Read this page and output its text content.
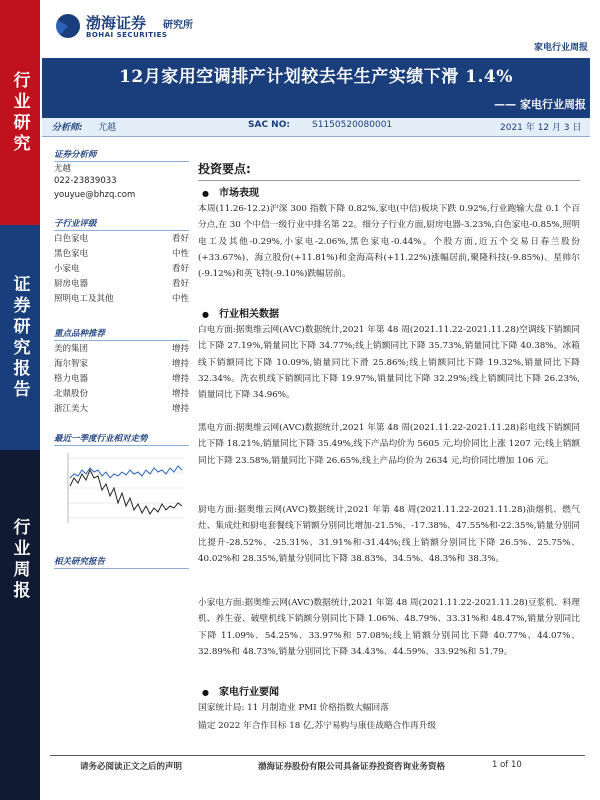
行业研究
证券研究报告
行业周报
渤海证券
BOHAI SECURITIES
研究所
家电行业周报
12月家用空调排产计划较去年生产实绩下滑 1.4%
—— 家电行业周报
分析师: 尤越	SAC NO: S1150520080001	2021 年 12 月 3 日
证券分析师
尤越
022-23839033
youyue@bhzq.com
子行业评级
白色家电	看好
黑色家电	中性
小家电	看好
厨房电器	看好
照明电工及其他	中性
重点品种推荐
美的集团	增持
海尔智家	增持
格力电器	增持
北鼎股份	增持
浙江美大	增持
最近一季度行业相对走势
相关研究报告
投资要点:
● 市场表现
本周(11.26-12.2)沪深 300 指数下降 0.82%,家电(中信)板块下跌 0.92%,行业跑输大盘 0.1 个百分点,在 30 个中信一级行业中排名第 22。细分子行业方面,厨房电器-3.23%,白色家电-0.85%,照明电工及其他-0.29%,小家电-2.06%,黑色家电-0.44%。个股方面,近五个交易日春兰股份(+33.67%)、海立股份(+11.81%)和金海高科(+11.22%)涨幅居前,聚隆科技(-9.85%)、星帅尔(-9.12%)和英飞特(-9.10%)跌幅居前。
● 行业相关数据
白电方面:据奥维云网(AVC)数据统计,2021 年第 48 周(2021.11.22-2021.11.28)空调线下销额同比下降 27.19%,销量同比下降 34.77%;线上销额同比下降 35.73%,销量同比下降 40.38%。冰箱线下销额同比下降 10.09%,销量同比下滑 25.86%;线上销额同比下降 19.32%,销量同比下降 32.34%。洗衣机线下销额同比下降 19.97%,销量同比下降 32.29%;线上销额同比下降 26.23%,销量同比下降 34.96%。
黑电方面:据奥维云网(AVC)数据统计,2021 年第 48 周(2021.11.22-2021.11.28)彩电线下销额同比下降 18.21%,销量同比下降 35.49%,线下产品均价为 5605 元,均价同比上涨 1207 元;线上销额同比下降 23.58%,销量同比下降 26.65%,线上产品均价为 2634 元,均价同比增加 106 元。
厨电方面:据奥维云网(AVC)数据统计,2021 年第 48 周(2021.11.22-2021.11.28)油烟机、燃气灶、集成灶和厨电套餐线下销额分别同比增加-21.5%、-17.38%、47.55%和-22.35%,销量分别同比提升-28.52%、-25.31%、31.91%和-31.44%;线上销额分别同比下降 26.5%、25.75%、40.02%和 28.35%,销量分别同比下降 38.83%、34.5%、48.3%和 38.3%。
小家电方面:据奥维云网(AVC)数据统计,2021 年第 48 周(2021.11.22-2021.11.28)豆浆机、料理机、养生壶、破壁机线下销额分别同比下降 1.06%、48.79%、33.31%和 48.47%,销量分别同比下降 11.09%、54.25%、33.97%和 57.08%;线上销额分别同比下降 40.77%、44.07%、32.89%和 48.73%,销量分别同比下降 34.43%、44.59%、33.92%和 51.79。
● 家电行业要闻
国家统计局: 11 月制造业 PMI 价格指数大幅回落
锚定 2022 年合作目标 18 亿,苏宁易购与康佳战略合作再升级
请务必阅读正文之后的声明	渤海证券股份有限公司具备证券投资咨询业务资格	1 of 10
